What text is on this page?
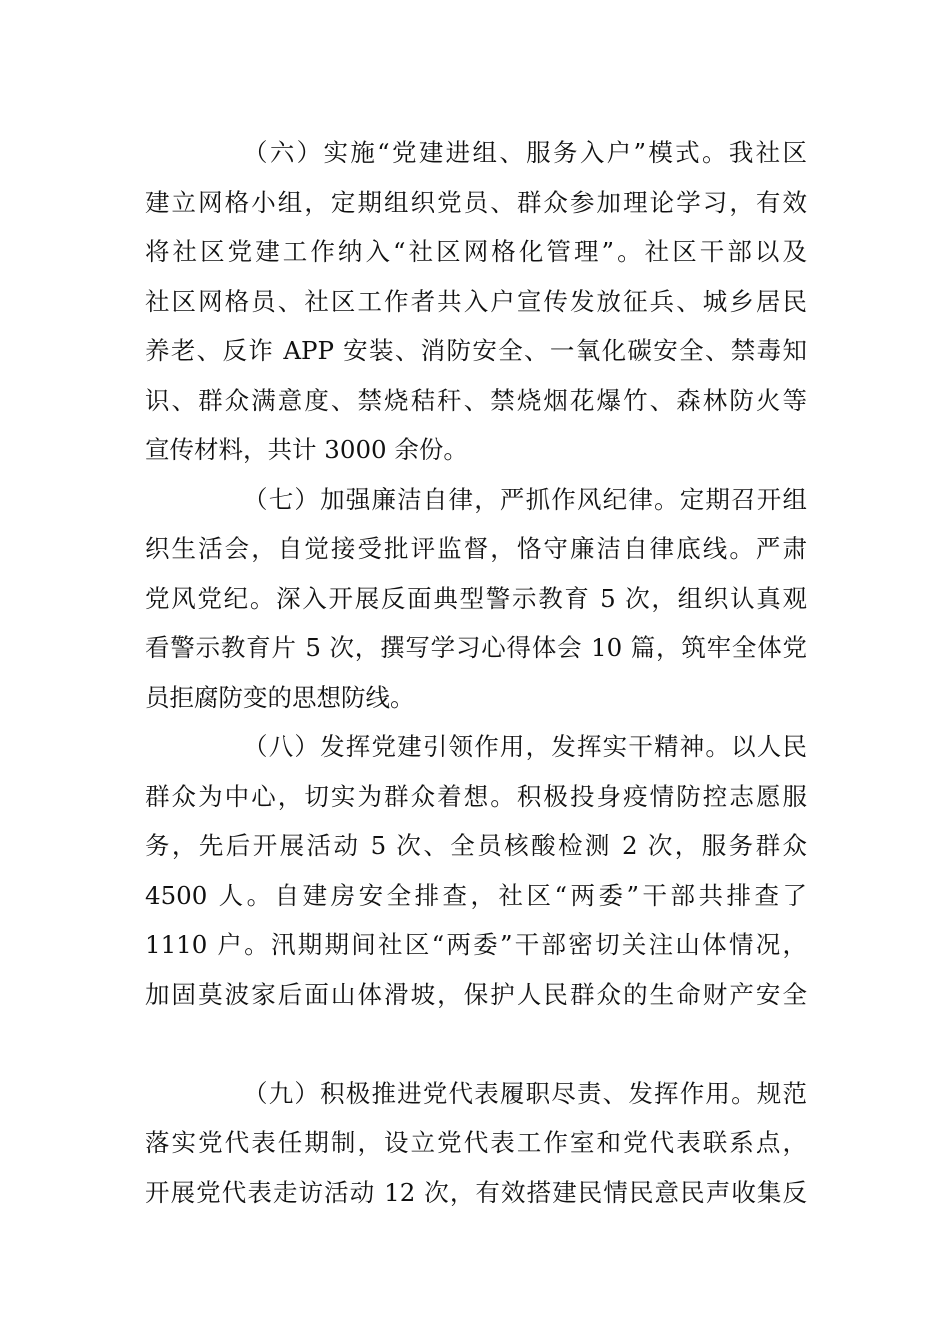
（六）实施“党建进组、服务入户”模式。我社区
建立网格小组，定期组织党员、群众参加理论学习，有效
将社区党建工作纳入“社区网格化管理”。社区干部以及
社区网格员、社区工作者共入户宣传发放征兵、城乡居民
养老、反诈 APP 安装、消防安全、一氧化碳安全、禁毒知
识、群众满意度、禁烧秸秆、禁烧烟花爆竹、森林防火等
宣传材料，共计 3000 余份。
（七）加强廉洁自律，严抓作风纪律。定期召开组
织生活会，自觉接受批评监督，恪守廉洁自律底线。严肃
党风党纪。深入开展反面典型警示教育 5 次，组织认真观
看警示教育片 5 次，撰写学习心得体会 10 篇，筑牢全体党
员拒腐防变的思想防线。
（八）发挥党建引领作用，发挥实干精神。以人民
群众为中心，切实为群众着想。积极投身疫情防控志愿服
务，先后开展活动 5 次、全员核酸检测 2 次，服务群众
4500 人。自建房安全排查，社区“两委”干部共排查了
1110 户。汛期期间社区“两委”干部密切关注山体情况，
加固莫波家后面山体滑坡，保护人民群众的生命财产安全
（九）积极推进党代表履职尽责、发挥作用。规范
落实党代表任期制，设立党代表工作室和党代表联系点，
开展党代表走访活动 12 次，有效搭建民情民意民声收集反
